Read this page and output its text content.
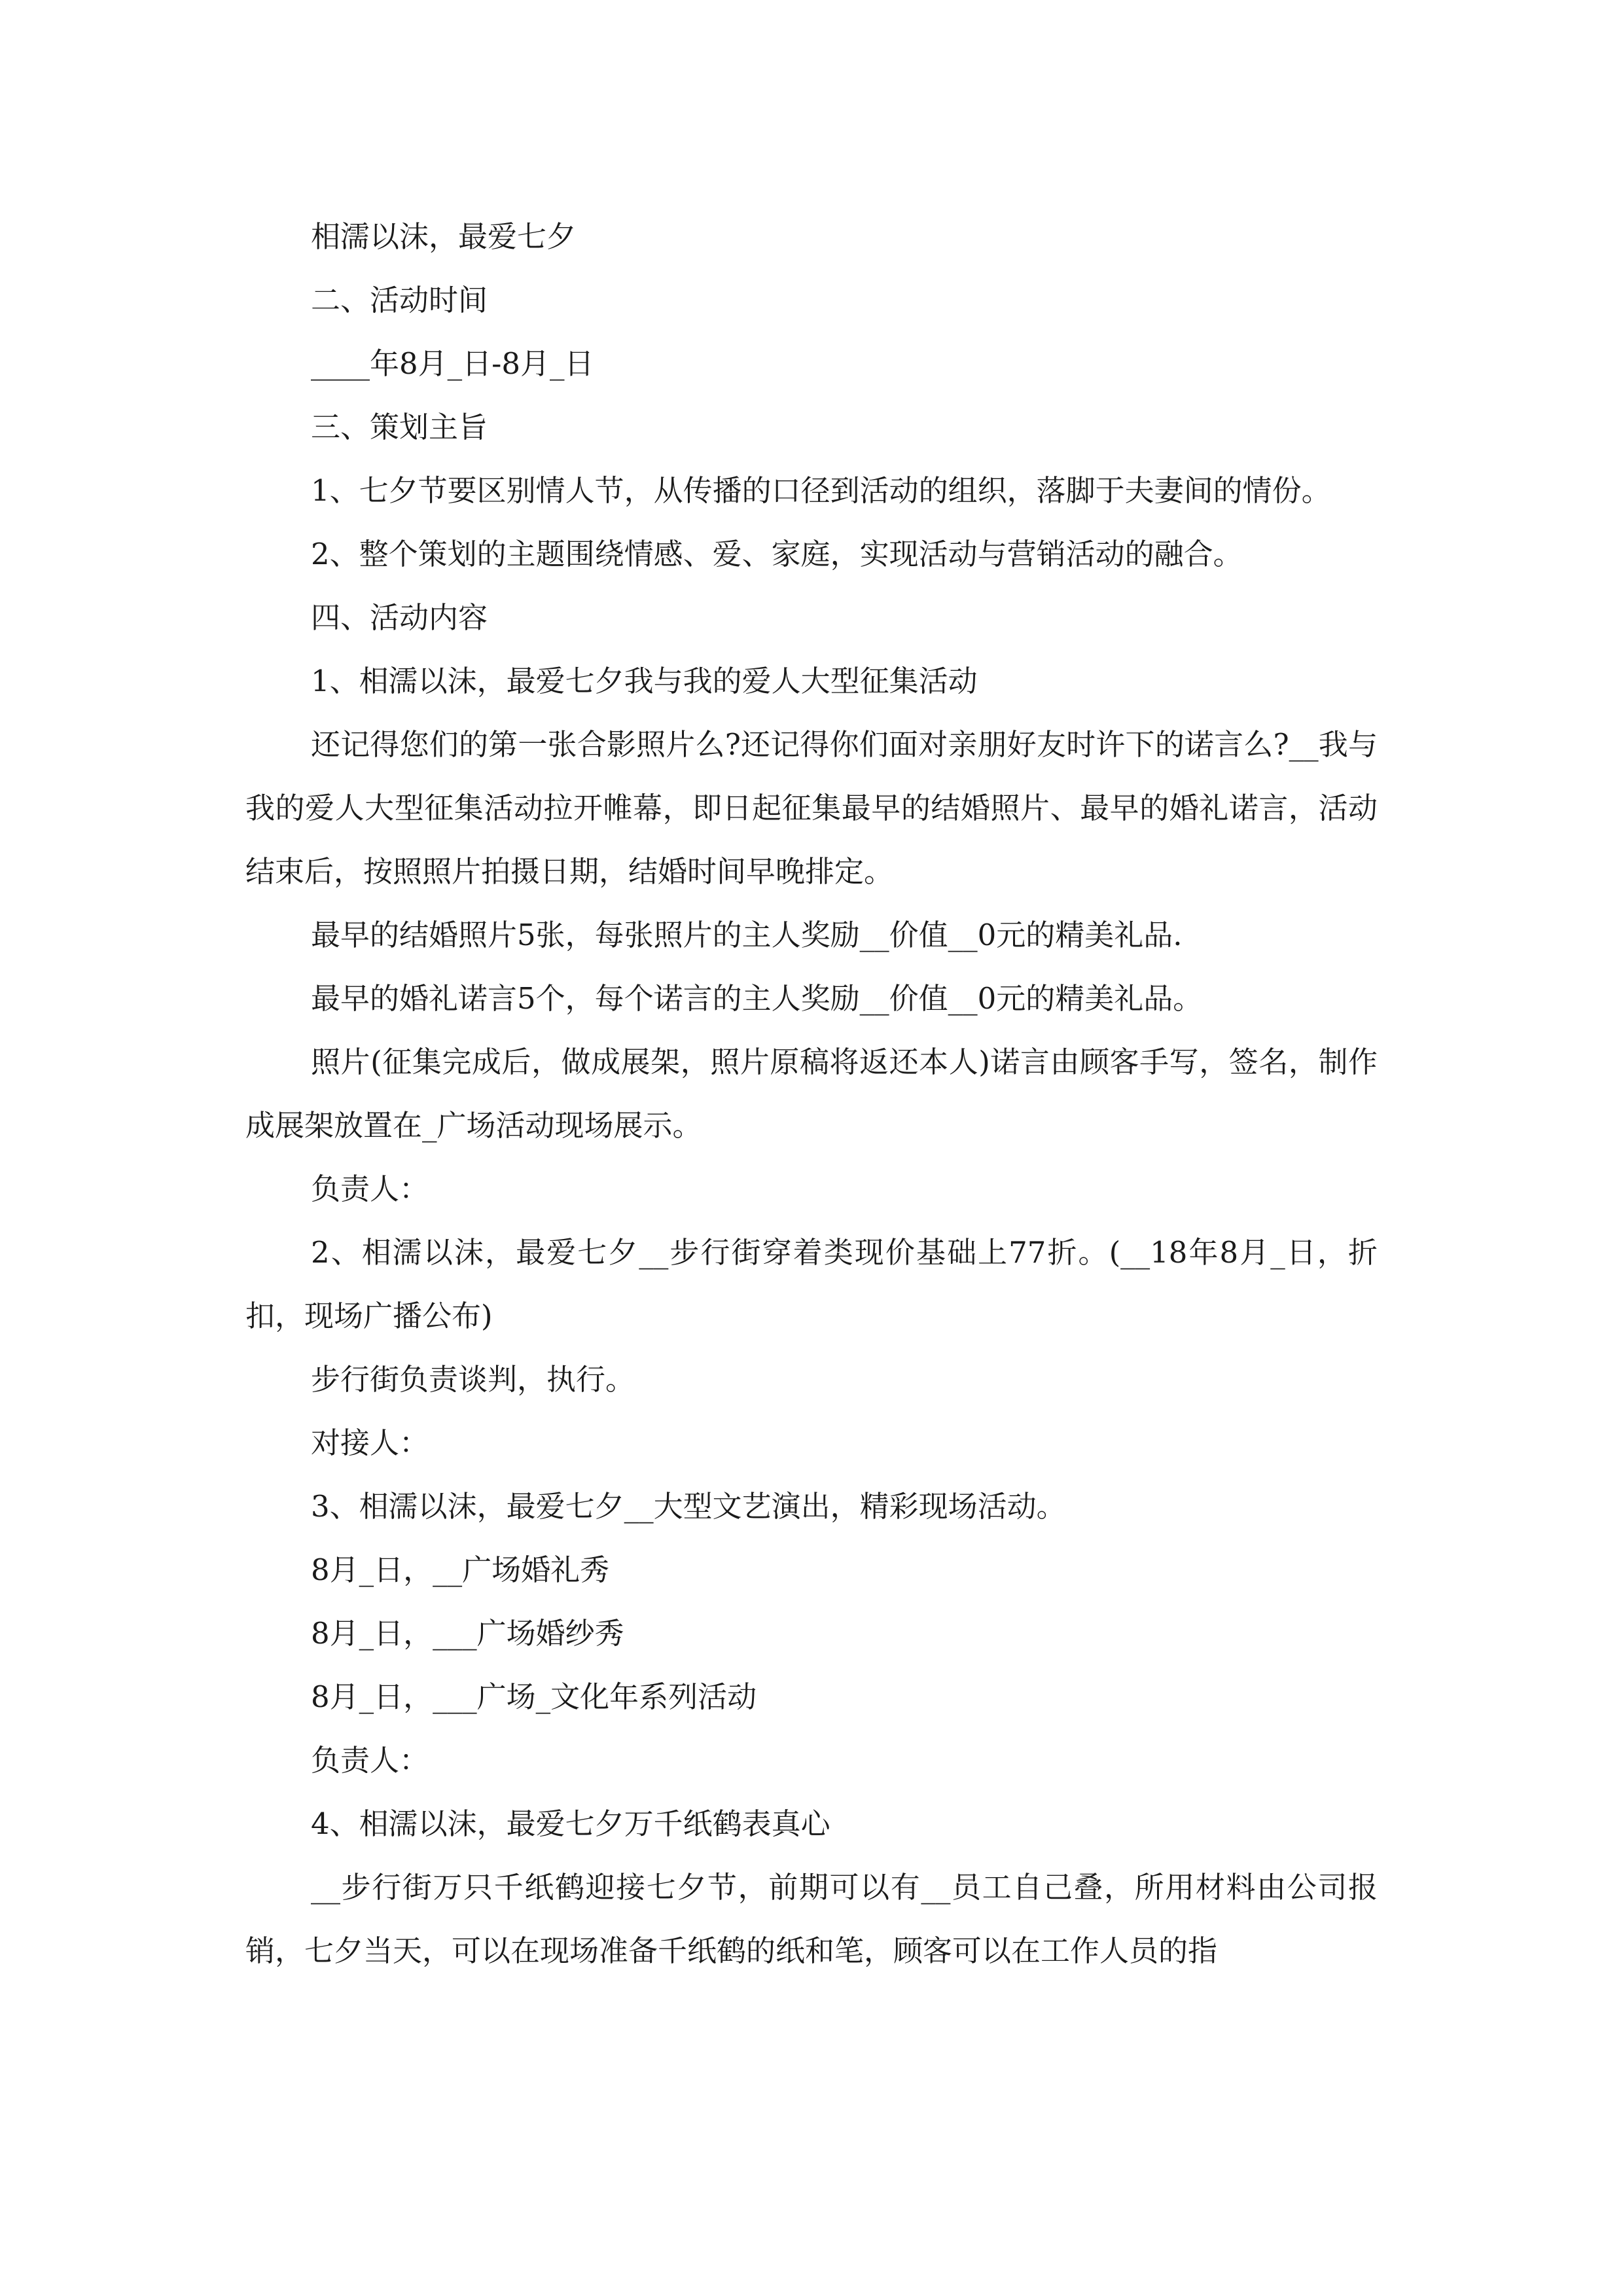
相濡以沫，最爱七夕

二、活动时间

____年8月_日-8月_日

三、策划主旨

1、七夕节要区别情人节，从传播的口径到活动的组织，落脚于夫妻间的情份。

2、整个策划的主题围绕情感、爱、家庭，实现活动与营销活动的融合。

四、活动内容

1、相濡以沫，最爱七夕我与我的爱人大型征集活动

还记得您们的第一张合影照片么?还记得你们面对亲朋好友时许下的诺言么?__我与我的爱人大型征集活动拉开帷幕，即日起征集最早的结婚照片、最早的婚礼诺言，活动结束后，按照照片拍摄日期，结婚时间早晚排定。

最早的结婚照片5张，每张照片的主人奖励__价值__0元的精美礼品.

最早的婚礼诺言5个，每个诺言的主人奖励__价值__0元的精美礼品。

照片(征集完成后，做成展架，照片原稿将返还本人)诺言由顾客手写，签名，制作成展架放置在_广场活动现场展示。

负责人：

2、相濡以沫，最爱七夕__步行街穿着类现价基础上77折。(__18年8月_日，折扣，现场广播公布)

步行街负责谈判，执行。

对接人：

3、相濡以沫，最爱七夕__大型文艺演出，精彩现场活动。

8月_日，__广场婚礼秀

8月_日，___广场婚纱秀

8月_日，___广场_文化年系列活动

负责人：

4、相濡以沫，最爱七夕万千纸鹤表真心

__步行街万只千纸鹤迎接七夕节，前期可以有__员工自己叠，所用材料由公司报销，七夕当天，可以在现场准备千纸鹤的纸和笔，顾客可以在工作人员的指
